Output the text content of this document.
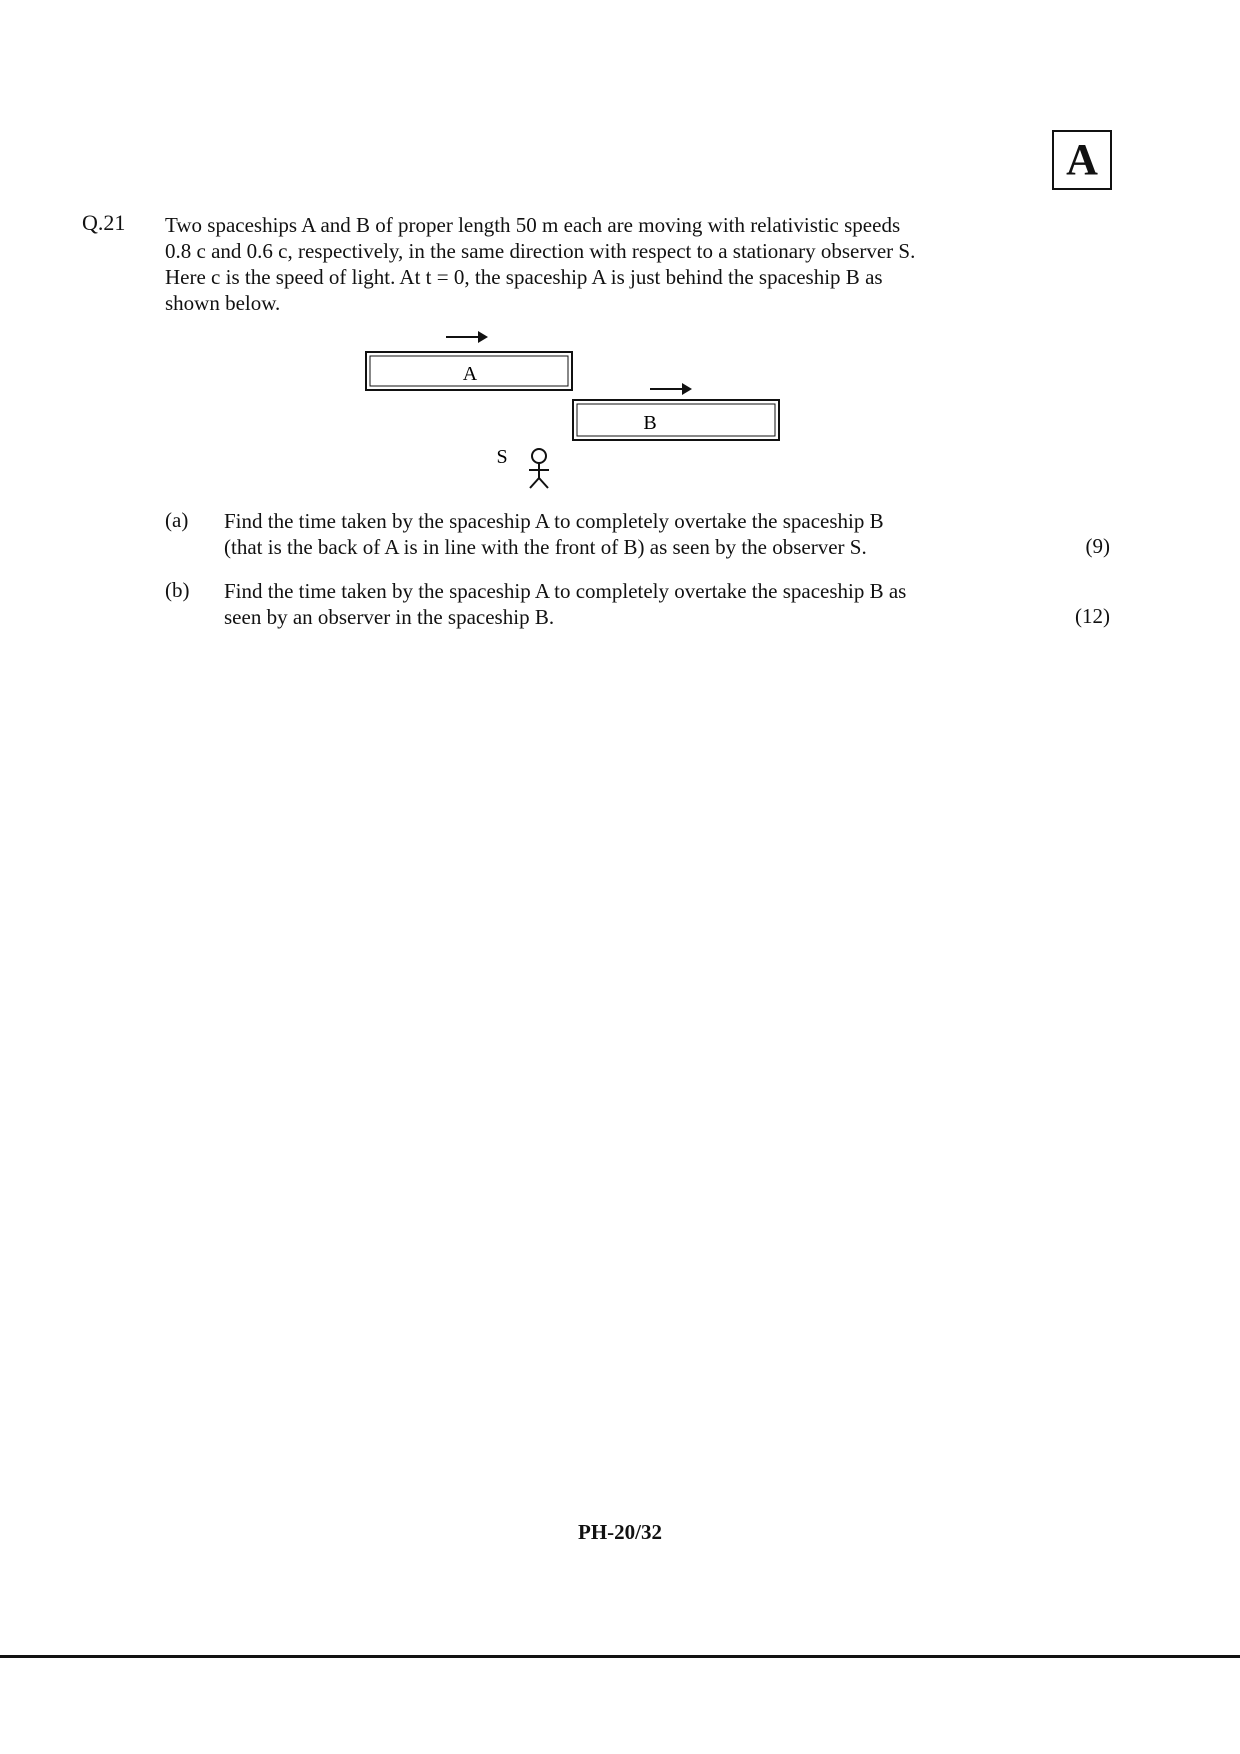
A
Q.21 Two spaceships A and B of proper length 50 m each are moving with relativistic speeds
0.8 c and 0.6 c, respectively, in the same direction with respect to a stationary observer S.
Here c is the speed of light. At t = 0, the spaceship A is just behind the spaceship B as
shown below.
A
B
S
(a) Find the time taken by the spaceship A to completely overtake the spaceship B
(that is the back of A is in line with the front of B) as seen by the observer S.	(9)
(b) Find the time taken by the spaceship A to completely overtake the spaceship B as
seen by an observer in the spaceship B.	(12)
PH-20/32
